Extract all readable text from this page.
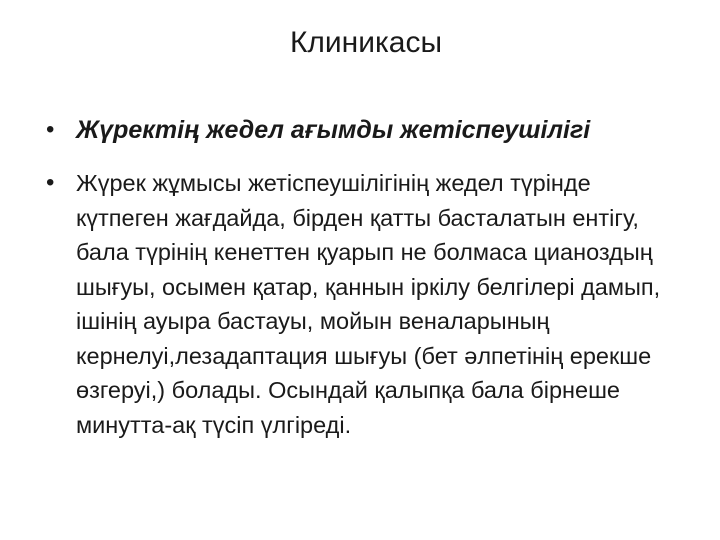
Клиникасы
• Жүректің жедел ағымды жетіспеушілігі
• Жүрек жұмысы жетіспеушілігінің жедел түрінде күтпеген жағдайда, бірден қатты басталатын ентігу, бала түрінің кенеттен қуарып не болмаса цианоздың шығуы, осымен қатар, қаннын іркілу белгілері дамып, ішінің ауыра бастауы, мойын веналарының кернелуі,лезадаптация шығуы (бет әлпетінің ерекше өзгеруі,) болады. Осындай қалыпқа бала бірнеше минутта-ақ түсіп үлгіреді.
